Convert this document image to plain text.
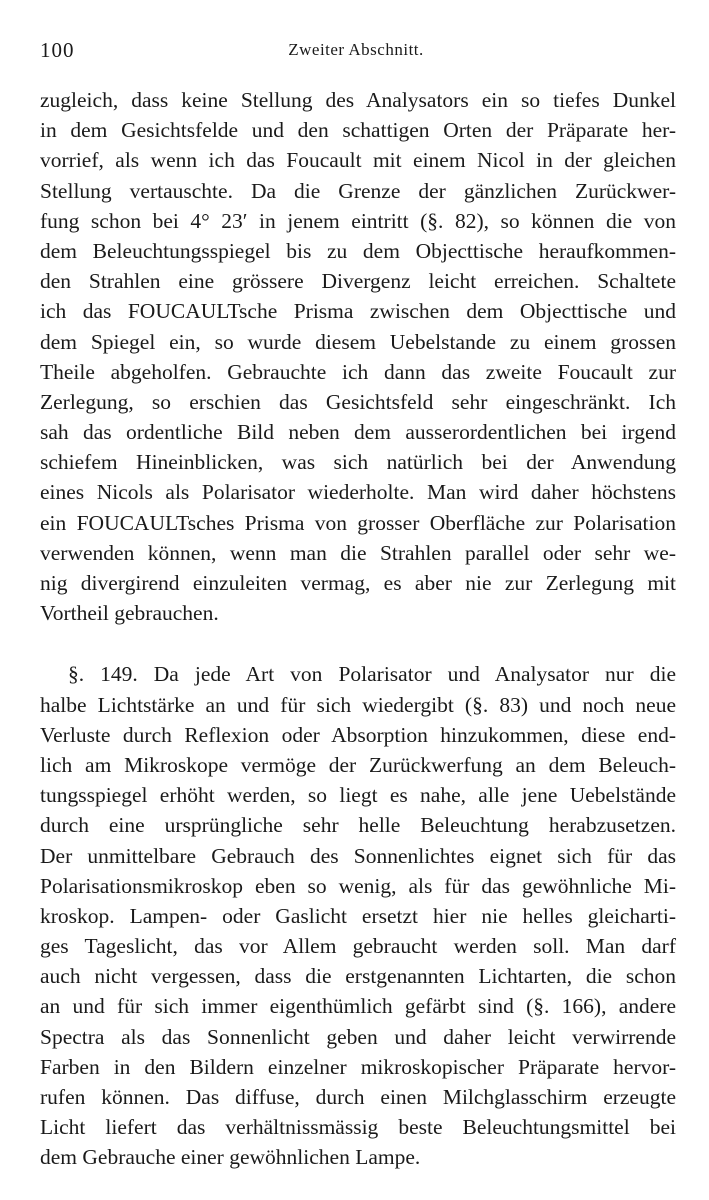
100	Zweiter Abschnitt.
zugleich, dass keine Stellung des Analysators ein so tiefes Dunkel
in dem Gesichtsfelde und den schattigen Orten der Präparate her-
vorrief, als wenn ich das Foucault mit einem Nicol in der gleichen
Stellung vertauschte. Da die Grenze der gänzlichen Zurückwer-
fung schon bei 4° 23′ in jenem eintritt (§. 82), so können die von
dem Beleuchtungsspiegel bis zu dem Objecttische heraufkommen-
den Strahlen eine grössere Divergenz leicht erreichen. Schaltete
ich das FOUCAULTsche Prisma zwischen dem Objecttische und
dem Spiegel ein, so wurde diesem Uebelstande zu einem grossen
Theile abgeholfen. Gebrauchte ich dann das zweite Foucault zur
Zerlegung, so erschien das Gesichtsfeld sehr eingeschränkt. Ich
sah das ordentliche Bild neben dem ausserordentlichen bei irgend
schiefem Hineinblicken, was sich natürlich bei der Anwendung
eines Nicols als Polarisator wiederholte. Man wird daher höchstens
ein FOUCAULTsches Prisma von grosser Oberfläche zur Polarisation
verwenden können, wenn man die Strahlen parallel oder sehr we-
nig divergirend einzuleiten vermag, es aber nie zur Zerlegung mit
Vortheil gebrauchen.
§. 149. Da jede Art von Polarisator und Analysator nur die
halbe Lichtstärke an und für sich wiedergibt (§. 83) und noch neue
Verluste durch Reflexion oder Absorption hinzukommen, diese end-
lich am Mikroskope vermöge der Zurückwerfung an dem Beleuch-
tungsspiegel erhöht werden, so liegt es nahe, alle jene Uebelstände
durch eine ursprüngliche sehr helle Beleuchtung herabzusetzen.
Der unmittelbare Gebrauch des Sonnenlichtes eignet sich für das
Polarisationsmikroskop eben so wenig, als für das gewöhnliche Mi-
kroskop. Lampen- oder Gaslicht ersetzt hier nie helles gleicharti-
ges Tageslicht, das vor Allem gebraucht werden soll. Man darf
auch nicht vergessen, dass die erstgenannten Lichtarten, die schon
an und für sich immer eigenthümlich gefärbt sind (§. 166), andere
Spectra als das Sonnenlicht geben und daher leicht verwirrende
Farben in den Bildern einzelner mikroskopischer Präparate hervor-
rufen können. Das diffuse, durch einen Milchglasschirm erzeugte
Licht liefert das verhältnissmässig beste Beleuchtungsmittel bei
dem Gebrauche einer gewöhnlichen Lampe.
